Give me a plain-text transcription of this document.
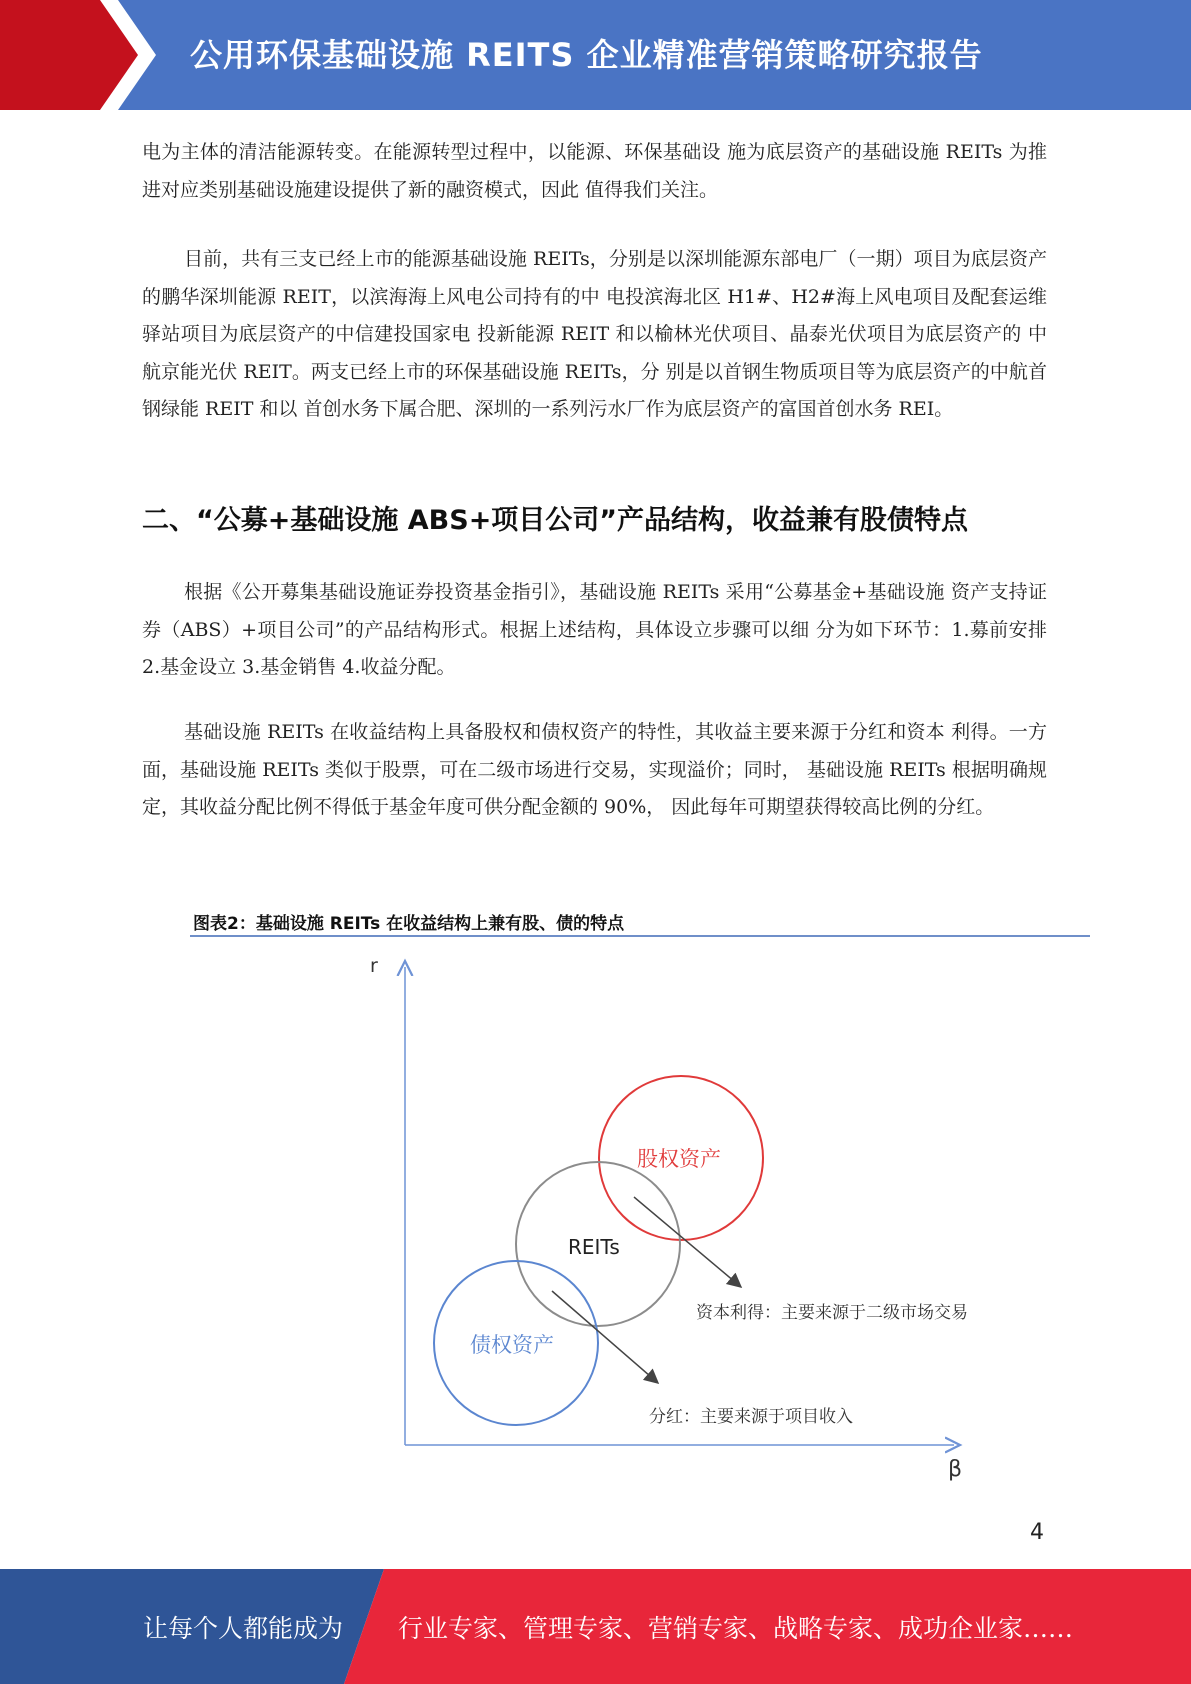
公用环保基础设施 REITS 企业精准营销策略研究报告

电为主体的清洁能源转变。在能源转型过程中，以能源、环保基础设 施为底层资产的基础设施 REITs 为推进对应类别基础设施建设提供了新的融资模式，因此 值得我们关注。

目前，共有三支已经上市的能源基础设施 REITs，分别是以深圳能源东部电厂（一期）项目为底层资产的鹏华深圳能源 REIT，以滨海海上风电公司持有的中 电投滨海北区 H1#、H2#海上风电项目及配套运维驿站项目为底层资产的中信建投国家电 投新能源 REIT 和以榆林光伏项目、晶泰光伏项目为底层资产的 中航京能光伏 REIT。两支已经上市的环保基础设施 REITs，分 别是以首钢生物质项目等为底层资产的中航首钢绿能 REIT 和以 首创水务下属合肥、深圳的一系列污水厂作为底层资产的富国首创水务 REI。

二、“公募+基础设施 ABS+项目公司”产品结构，收益兼有股债特点

根据《公开募集基础设施证券投资基金指引》，基础设施 REITs 采用“公募基金+基础设施 资产支持证券（ABS）+项目公司”的产品结构形式。根据上述结构，具体设立步骤可以细 分为如下环节：1.募前安排 2.基金设立 3.基金销售 4.收益分配。

基础设施 REITs 在收益结构上具备股权和债权资产的特性，其收益主要来源于分红和资本 利得。一方面，基础设施 REITs 类似于股票，可在二级市场进行交易，实现溢价；同时， 基础设施 REITs 根据明确规定，其收益分配比例不得低于基金年度可供分配金额的 90%， 因此每年可期望获得较高比例的分红。

图表2：基础设施 REITs 在收益结构上兼有股、债的特点
r
β
股权资产
REITs
债权资产
资本利得：主要来源于二级市场交易
分红：主要来源于项目收入
4
让每个人都能成为 行业专家、管理专家、营销专家、战略专家、成功企业家……
